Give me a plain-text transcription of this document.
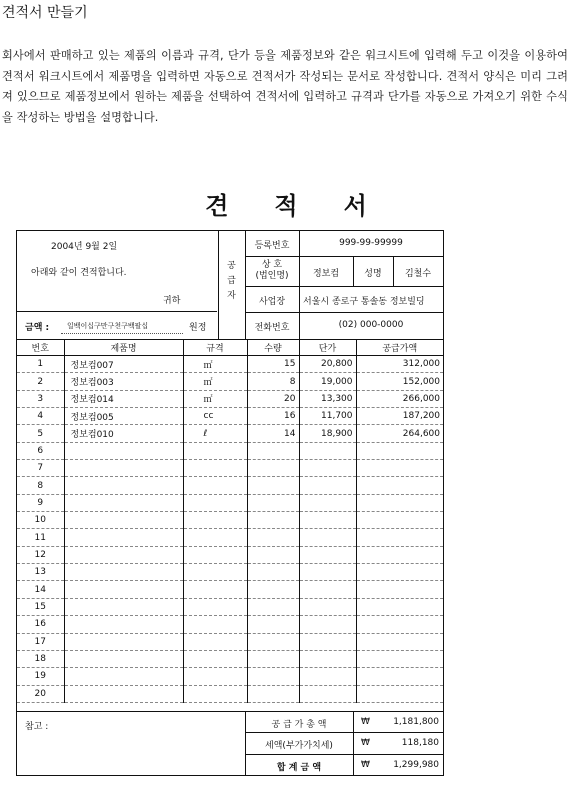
견적서 만들기
회사에서 판매하고 있는 제품의 이름과 규격, 단가 등을 제품정보와 같은 워크시트에 입력해 두고 이것을 이용하여 견적서 워크시트에서 제품명을 입력하면 자동으로 견적서가 작성되는 문서로 작성합니다. 견적서 양식은 미리 그려져 있으므로 제품정보에서 원하는 제품을 선택하여 견적서에 입력하고 규격과 단가를 자동으로 가져오기 위한 수식을 작성하는 방법을 설명합니다.
견적서
2004년 9월 2일
아래와 같이 견적합니다.
귀하
금액 :	일백이십구만구천구백팔십	원정
공급자
등록번호	999-99-99999
상 호
(법인명)	정보컴	성명	김철수
사업장	서울시 종로구 통솔동 정보빌딩
전화번호	(02) 000-0000
번호	제품명	규격	수량	단가	공급가액
1	정보컴007	㎡	15	20,800	312,000
2	정보컴003	㎡	8	19,000	152,000
3	정보컴014	㎡	20	13,300	266,000
4	정보컴005	cc	16	11,700	187,200
5	정보컴010	ℓ	14	18,900	264,600
6					
7					
8					
9					
10					
11					
12					
13					
14					
15					
16					
17					
18					
19					
20					
참고 :	공 급 가 총 액	₩	1,181,800
세액(부가가치세)	₩	118,180
합 계 금 액	₩	1,299,980
